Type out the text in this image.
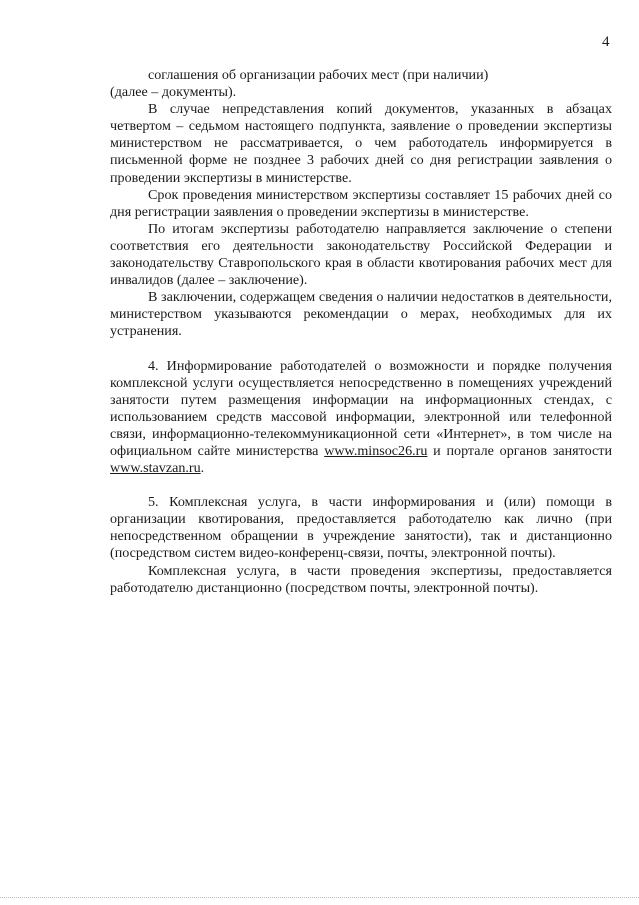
4

соглашения об организации рабочих мест (при наличии)
(далее – документы).

В случае непредставления копий документов, указанных в абзацах четвертом – седьмом настоящего подпункта, заявление о проведении экспертизы министерством не рассматривается, о чем работодатель информируется в письменной форме не позднее 3 рабочих дней со дня регистрации заявления о проведении экспертизы в министерстве.

Срок проведения министерством экспертизы составляет 15 рабочих дней со дня регистрации заявления о проведении экспертизы в министерстве.

По итогам экспертизы работодателю направляется заключение о степени соответствия его деятельности законодательству Российской Федерации и законодательству Ставропольского края в области квотирования рабочих мест для инвалидов (далее – заключение).

В заключении, содержащем сведения о наличии недостатков в деятельности, министерством указываются рекомендации о мерах, необходимых для их устранения.

4. Информирование работодателей о возможности и порядке получения комплексной услуги осуществляется непосредственно в помещениях учреждений занятости путем размещения информации на информационных стендах, с использованием средств массовой информации, электронной или телефонной связи, информационно-телекоммуникационной сети «Интернет», в том числе на официальном сайте министерства www.minsoc26.ru и портале органов занятости www.stavzan.ru.

5. Комплексная услуга, в части информирования и (или) помощи в организации квотирования, предоставляется работодателю как лично (при непосредственном обращении в учреждение занятости), так и дистанционно (посредством систем видео-конференц-связи, почты, электронной почты).

Комплексная услуга, в части проведения экспертизы, предоставляется работодателю дистанционно (посредством почты, электронной почты).
